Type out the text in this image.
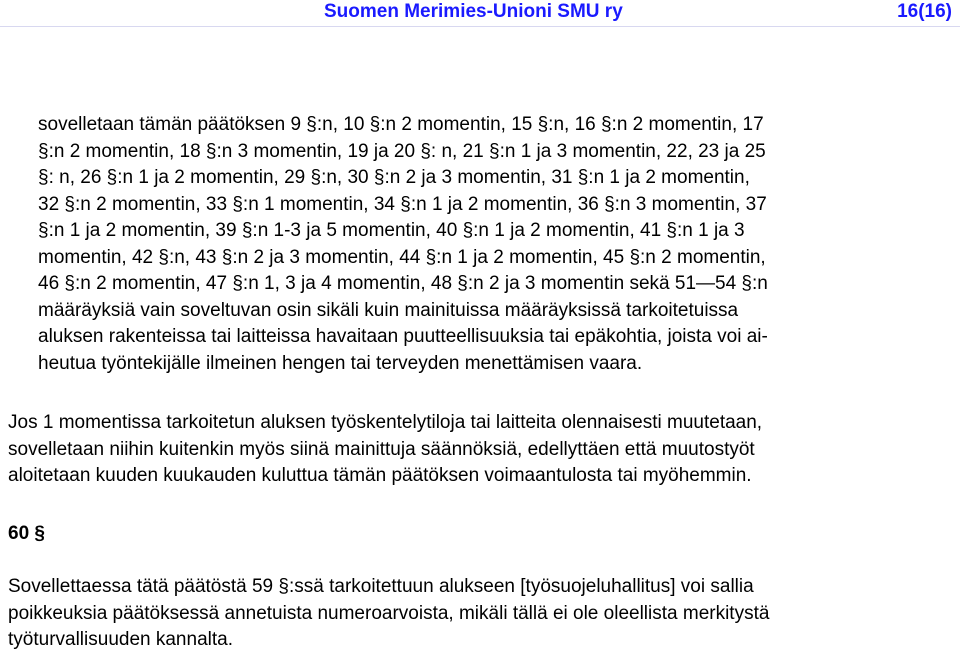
Suomen Merimies-Unioni SMU ry	16(16)
sovelletaan tämän päätöksen 9 §:n, 10 §:n 2 momentin, 15 §:n, 16 §:n 2 momentin, 17
§:n 2 momentin, 18 §:n 3 momentin, 19 ja 20 §: n, 21 §:n 1 ja 3 momentin, 22, 23 ja 25
§: n, 26 §:n 1 ja 2 momentin, 29 §:n, 30 §:n 2 ja 3 momentin, 31 §:n 1 ja 2 momentin,
32 §:n 2 momentin, 33 §:n 1 momentin, 34 §:n 1 ja 2 momentin, 36 §:n 3 momentin, 37
§:n 1 ja 2 momentin, 39 §:n 1-3 ja 5 momentin, 40 §:n 1 ja 2 momentin, 41 §:n 1 ja 3
momentin, 42 §:n, 43 §:n 2 ja 3 momentin, 44 §:n 1 ja 2 momentin, 45 §:n 2 momentin,
46 §:n 2 momentin, 47 §:n 1, 3 ja 4 momentin, 48 §:n 2 ja 3 momentin sekä 51—54 §:n
määräyksiä vain soveltuvan osin sikäli kuin mainituissa määräyksissä tarkoitetuissa
aluksen rakenteissa tai laitteissa havaitaan puutteellisuuksia tai epäkohtia, joista voi ai-
heutua työntekijälle ilmeinen hengen tai terveyden menettämisen vaara.
Jos 1 momentissa tarkoitetun aluksen työskentelytiloja tai laitteita olennaisesti muutetaan,
sovelletaan niihin kuitenkin myös siinä mainittuja säännöksiä, edellyttäen että muutostyöt
aloitetaan kuuden kuukauden kuluttua tämän päätöksen voimaantulosta tai myöhemmin.
60 §
Sovellettaessa tätä päätöstä 59 §:ssä tarkoitettuun alukseen [työsuojeluhallitus] voi sallia
poikkeuksia päätöksessä annetuista numeroarvoista, mikäli tällä ei ole oleellista merkitystä
työturvallisuuden kannalta.
